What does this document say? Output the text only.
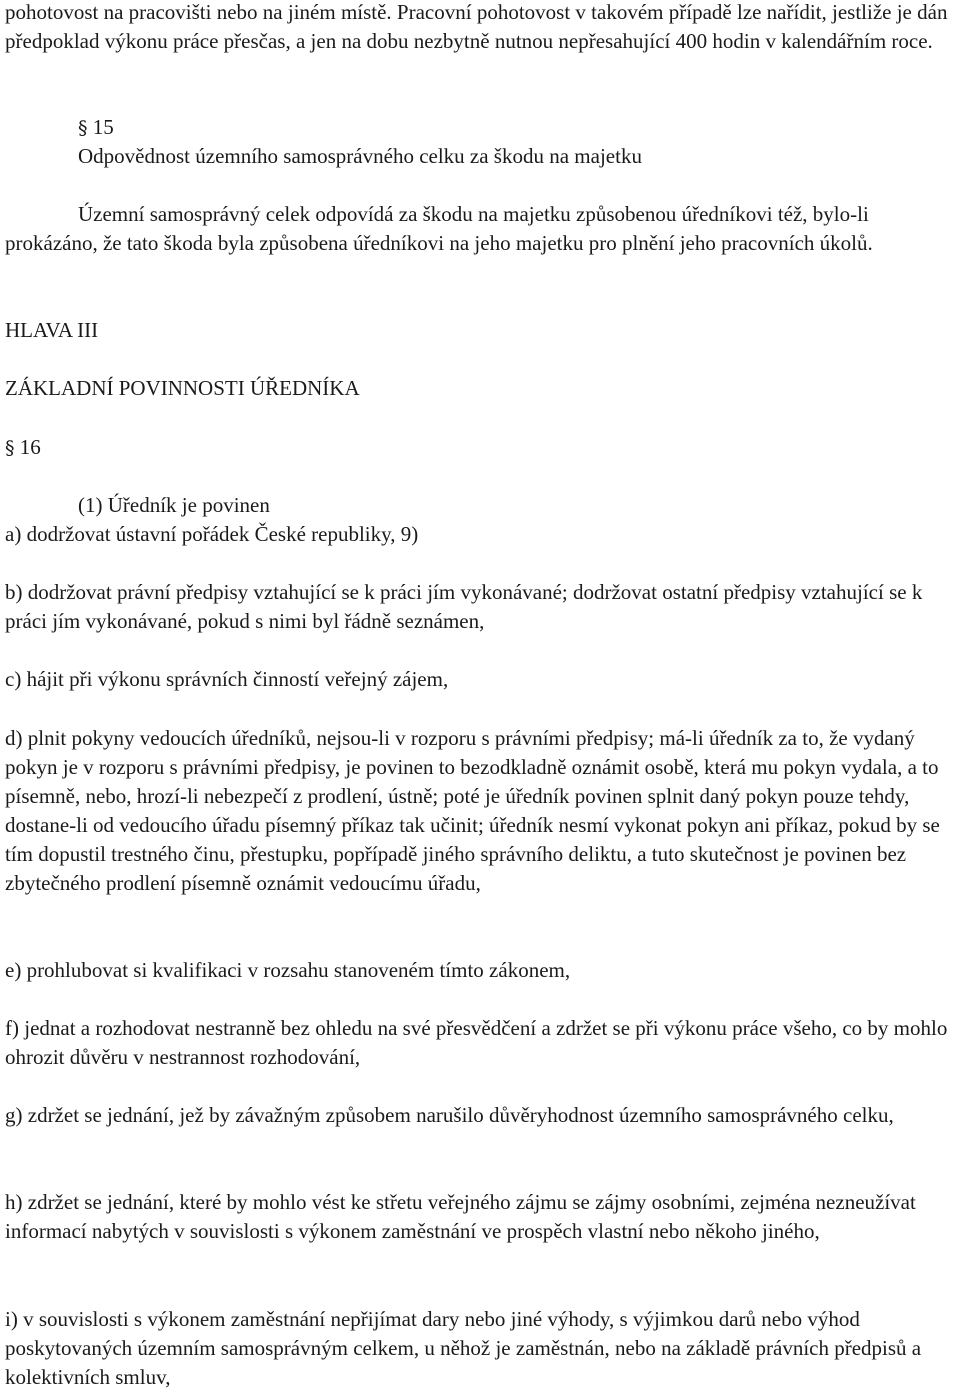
pohotovost na pracovišti nebo na jiném místě. Pracovní pohotovost v takovém případě lze nařídit, jestliže je dán předpoklad výkonu práce přesčas, a jen na dobu nezbytně nutnou nepřesahující 400 hodin v kalendářním roce.

§ 15

Odpovědnost územního samosprávného celku za škodu na majetku

Územní samosprávný celek odpovídá za škodu na majetku způsobenou úředníkovi též, bylo-li prokázáno, že tato škoda byla způsobena úředníkovi na jeho majetku pro plnění jeho pracovních úkolů.

HLAVA III

ZÁKLADNÍ POVINNOSTI ÚŘEDNÍKA

§ 16

(1) Úředník je povinen

a) dodržovat ústavní pořádek České republiky, 9)

b) dodržovat právní předpisy vztahující se k práci jím vykonávané; dodržovat ostatní předpisy vztahující se k práci jím vykonávané, pokud s nimi byl řádně seznámen,

c) hájit při výkonu správních činností veřejný zájem,

d) plnit pokyny vedoucích úředníků, nejsou-li v rozporu s právními předpisy; má-li úředník za to, že vydaný pokyn je v rozporu s právními předpisy, je povinen to bezodkladně oznámit osobě, která mu pokyn vydala, a to písemně, nebo, hrozí-li nebezpečí z prodlení, ústně; poté je úředník povinen splnit daný pokyn pouze tehdy, dostane-li od vedoucího úřadu písemný příkaz tak učinit; úředník nesmí vykonat pokyn ani příkaz, pokud by se tím dopustil trestného činu, přestupku, popřípadě jiného správního deliktu, a tuto skutečnost je povinen bez zbytečného prodlení písemně oznámit vedoucímu úřadu,

e) prohlubovat si kvalifikaci v rozsahu stanoveném tímto zákonem,

f) jednat a rozhodovat nestranně bez ohledu na své přesvědčení a zdržet se při výkonu práce všeho, co by mohlo ohrozit důvěru v nestrannost rozhodování,

g) zdržet se jednání, jež by závažným způsobem narušilo důvěryhodnost územního samosprávného celku,

h) zdržet se jednání, které by mohlo vést ke střetu veřejného zájmu se zájmy osobními, zejména nezneužívat informací nabytých v souvislosti s výkonem zaměstnání ve prospěch vlastní nebo někoho jiného,

i) v souvislosti s výkonem zaměstnání nepřijímat dary nebo jiné výhody, s výjimkou darů nebo výhod poskytovaných územním samosprávným celkem, u něhož je zaměstnán, nebo na základě právních předpisů a kolektivních smluv,
